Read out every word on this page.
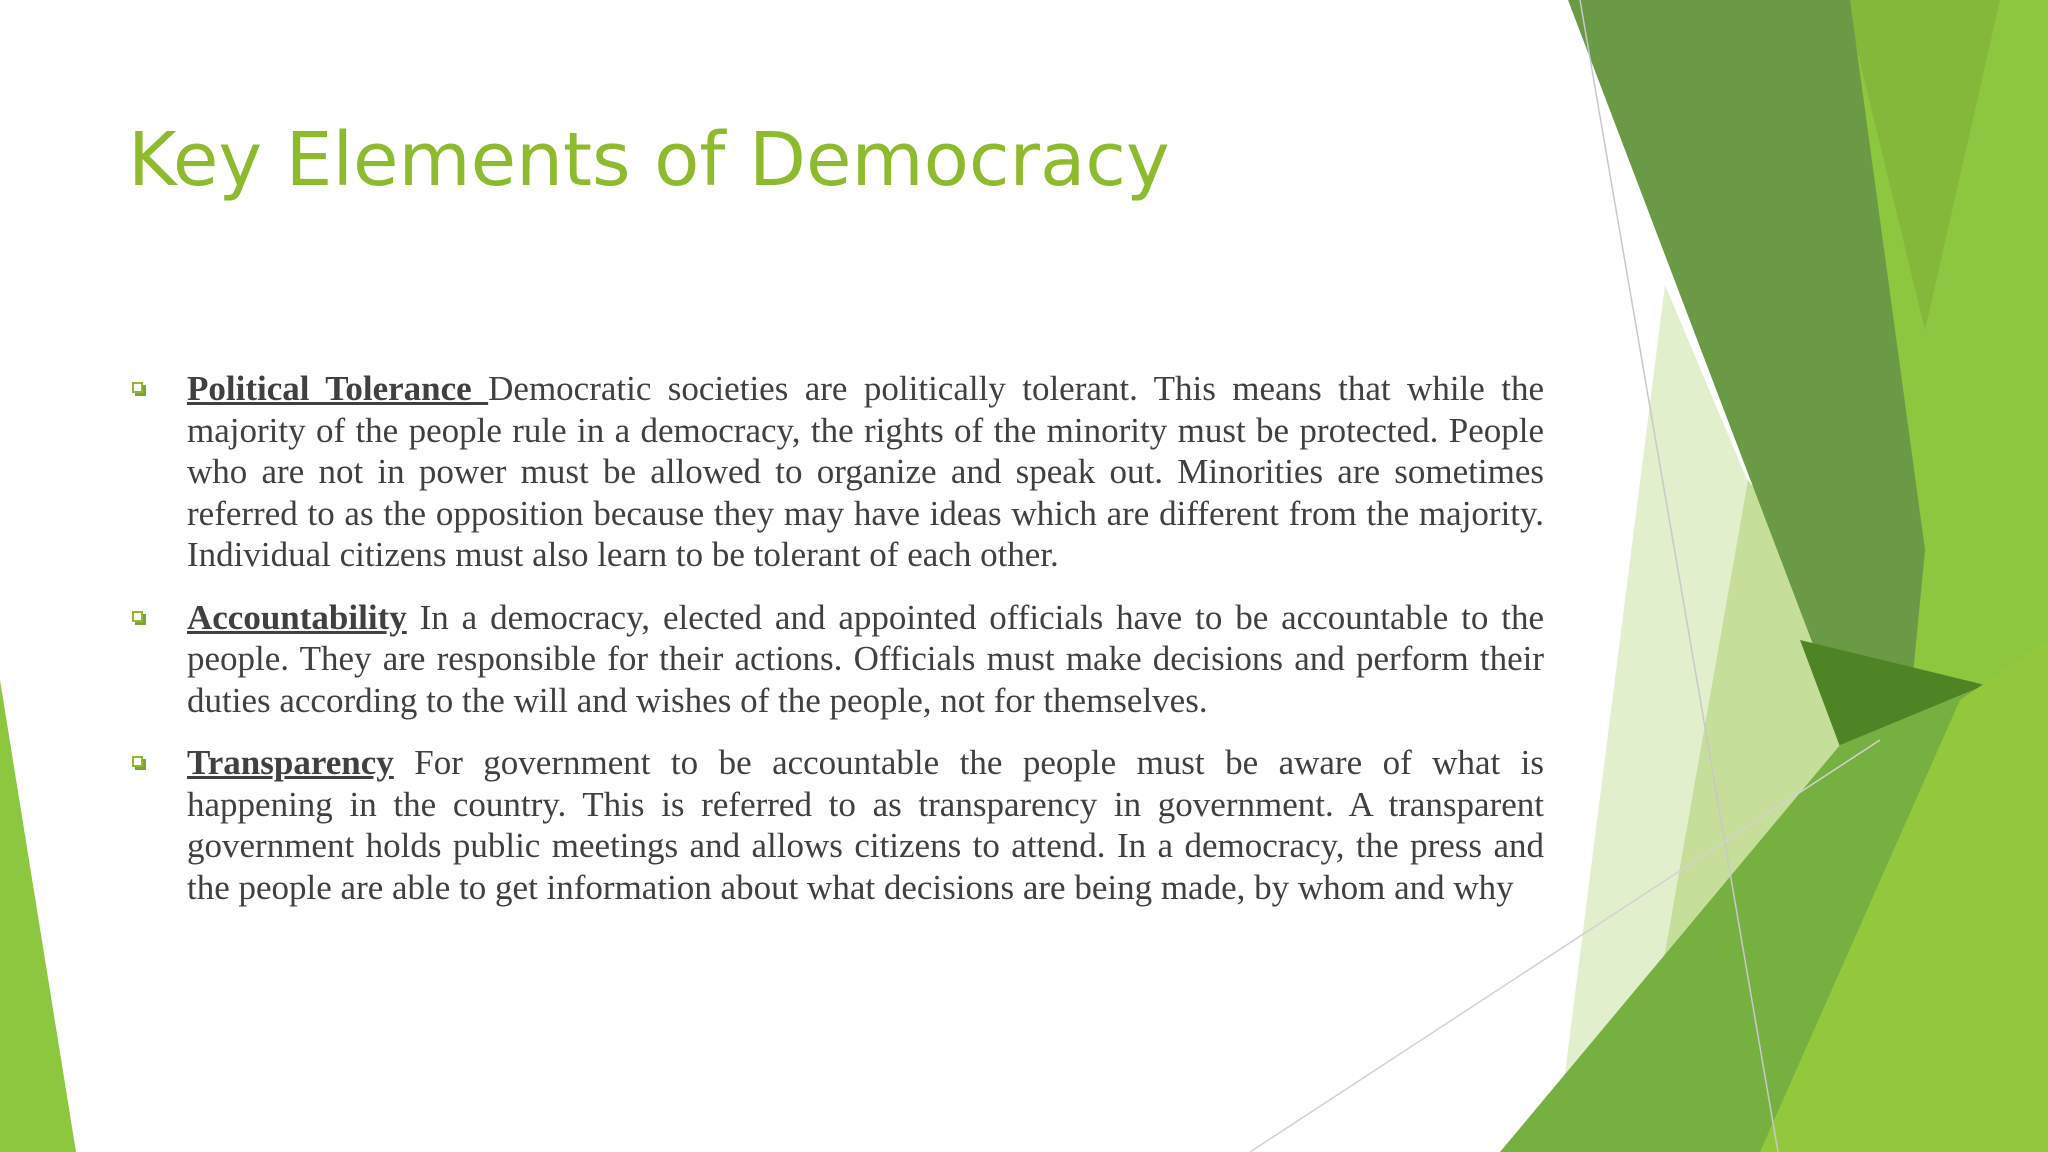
Key Elements of Democracy
Political Tolerance Democratic societies are politically tolerant. This means that while the majority of the people rule in a democracy, the rights of the minority must be protected. People who are not in power must be allowed to organize and speak out. Minorities are sometimes referred to as the opposition because they may have ideas which are different from the majority. Individual citizens must also learn to be tolerant of each other.
Accountability In a democracy, elected and appointed officials have to be accountable to the people. They are responsible for their actions. Officials must make decisions and perform their duties according to the will and wishes of the people, not for themselves.
Transparency For government to be accountable the people must be aware of what is happening in the country. This is referred to as transparency in government. A transparent government holds public meetings and allows citizens to attend. In a democracy, the press and the people are able to get information about what decisions are being made, by whom and why
